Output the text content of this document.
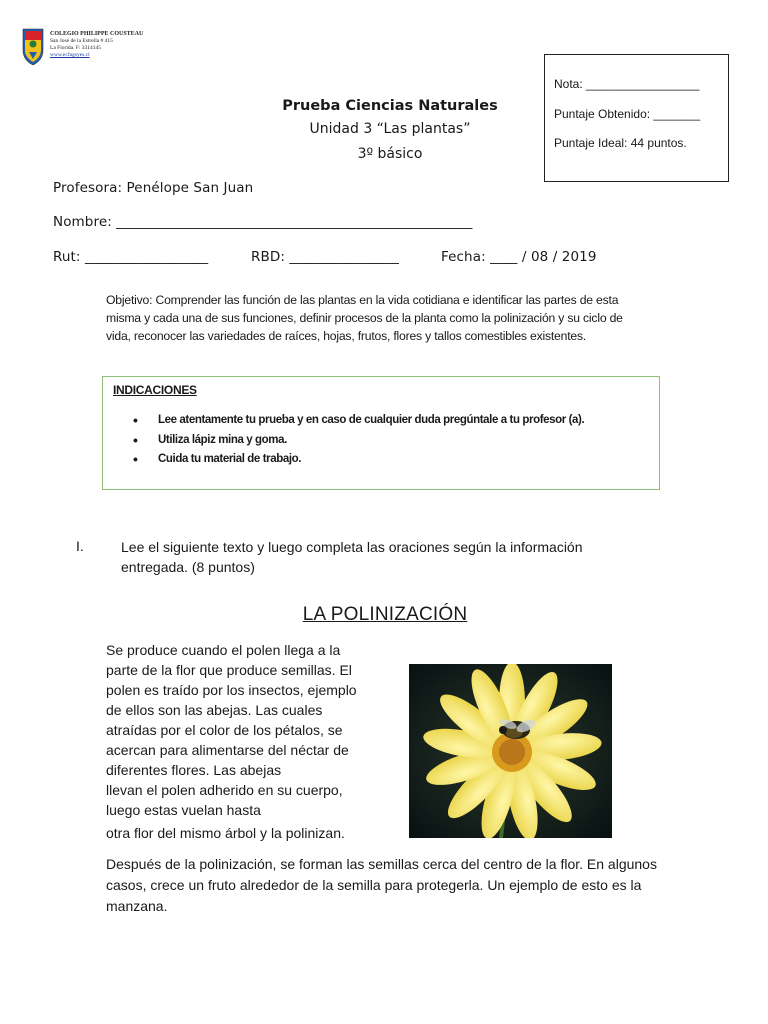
COLEGIO PHILIPPE COUSTEAU
San José de la Estrella # 415
La Florida. F: 3314145
www.ecfagsyes.cl
Nota: _________________
Puntaje Obtenido: _______
Puntaje Ideal: 44 puntos.
Prueba Ciencias Naturales
Unidad 3 “Las plantas”
3º básico
Profesora: Penélope San Juan
Nombre: ____________________________________________________
Rut: __________________	RBD: ________________	Fecha: ____ / 08 / 2019
Objetivo: Comprender las función de las plantas en la vida cotidiana e identificar las partes de esta misma y cada una de sus funciones, definir procesos de la planta como la polinización y su ciclo de vida, reconocer las variedades de raíces, hojas, frutos, flores y tallos comestibles existentes.
INDICACIONES
• Lee atentamente tu prueba y en caso de cualquier duda pregúntale a tu profesor (a).
• Utiliza lápiz mina y goma.
• Cuida tu material de trabajo.
I.	Lee el siguiente texto y luego completa las oraciones según la información entregada. (8 puntos)
LA POLINIZACIÓN
Se produce cuando el polen llega a la
parte de la flor que produce semillas. El
polen es traído por los insectos, ejemplo
de ellos son las abejas. Las cuales
atraídas por el color de los pétalos, se
acercan para alimentarse del néctar de
diferentes flores. Las abejas
llevan el polen adherido en su cuerpo,
luego estas vuelan hasta
otra flor del mismo árbol y la polinizan.
Después de la polinización, se forman las semillas cerca del centro de la flor. En algunos casos, crece un fruto alrededor de la semilla para protegerla. Un ejemplo de esto es la manzana.
